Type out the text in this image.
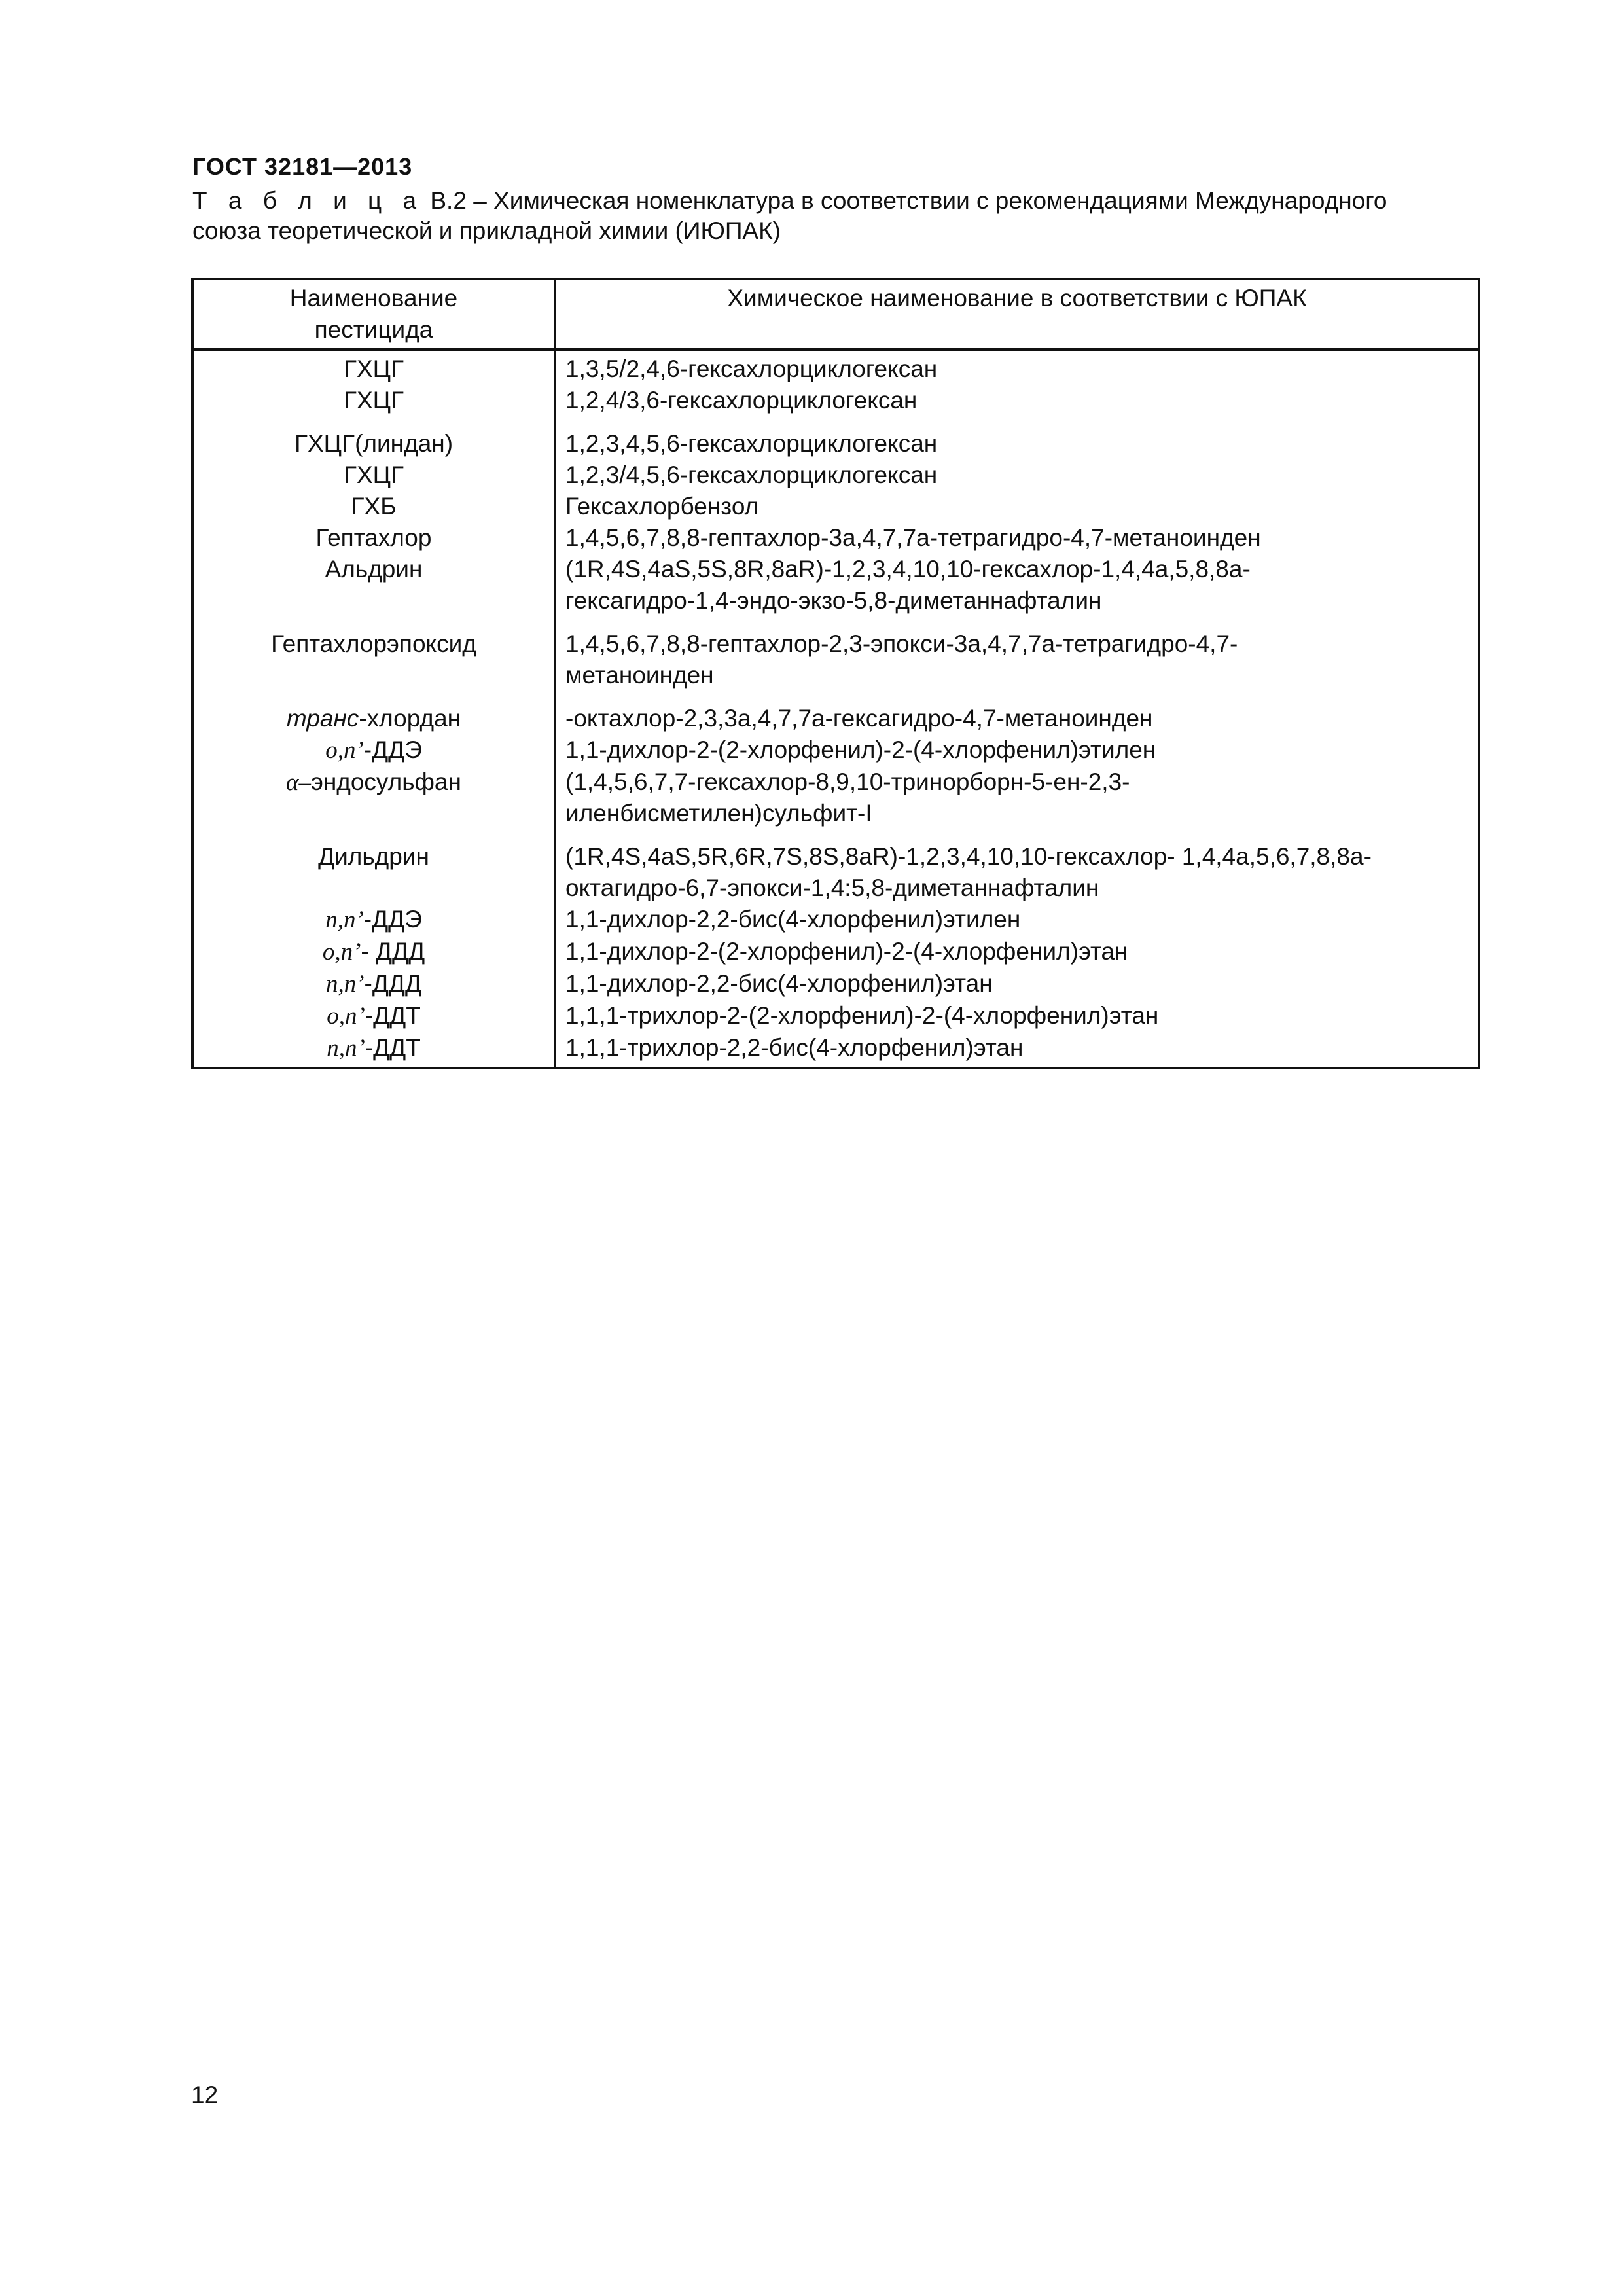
ГОСТ 32181—2013
Т а б л и ц а В.2 – Химическая номенклатура в соответствии с рекомендациями Международного
союза теоретической и прикладной химии (ИЮПАК)
Наименование
пестицида	Химическое наименование в соответствии с ЮПАК
ГХЦГ	1,3,5/2,4,6-гексахлорциклогексан

ГХЦГ	1,2,4/3,6-гексахлорциклогексан

ГХЦГ(линдан)	1,2,3,4,5,6-гексахлорциклогексан

ГХЦГ	1,2,3/4,5,6-гексахлорциклогексан

ГХБ	Гексахлорбензол

Гептахлор	1,4,5,6,7,8,8-гептахлор-3а,4,7,7а-тетрагидро-4,7-метаноинден

Альдрин	(1R,4S,4aS,5S,8R,8aR)-1,2,3,4,10,10-гексахлор-1,4,4a,5,8,8a-
гексагидро-1,4-эндо-экзо-5,8-диметаннафталин

Гептахлорэпоксид	1,4,5,6,7,8,8-гептахлор-2,3-эпокси-3а,4,7,7а-тетрагидро-4,7-
метаноинден

транс-хлордан	-октахлор-2,3,3а,4,7,7а-гексагидро-4,7-метаноинден

о,п’-ДДЭ	1,1-дихлор-2-(2-хлорфенил)-2-(4-хлорфенил)этилен

α–эндосульфан	(1,4,5,6,7,7-гексахлор-8,9,10-тринорборн-5-ен-2,3-
иленбисметилен)сульфит-I

Дильдрин	(1R,4S,4aS,5R,6R,7S,8S,8aR)-1,2,3,4,10,10-гексахлор- 1,4,4a,5,6,7,8,8a-
октагидро-6,7-эпокси-1,4:5,8-диметаннафталин

п,п’-ДДЭ	1,1-дихлор-2,2-бис(4-хлорфенил)этилен

о,п’- ДДД	1,1-дихлор-2-(2-хлорфенил)-2-(4-хлорфенил)этан

п,п’-ДДД	1,1-дихлор-2,2-бис(4-хлорфенил)этан

о,п’-ДДТ	1,1,1-трихлор-2-(2-хлорфенил)-2-(4-хлорфенил)этан

п,п’-ДДТ	1,1,1-трихлор-2,2-бис(4-хлорфенил)этан
12
